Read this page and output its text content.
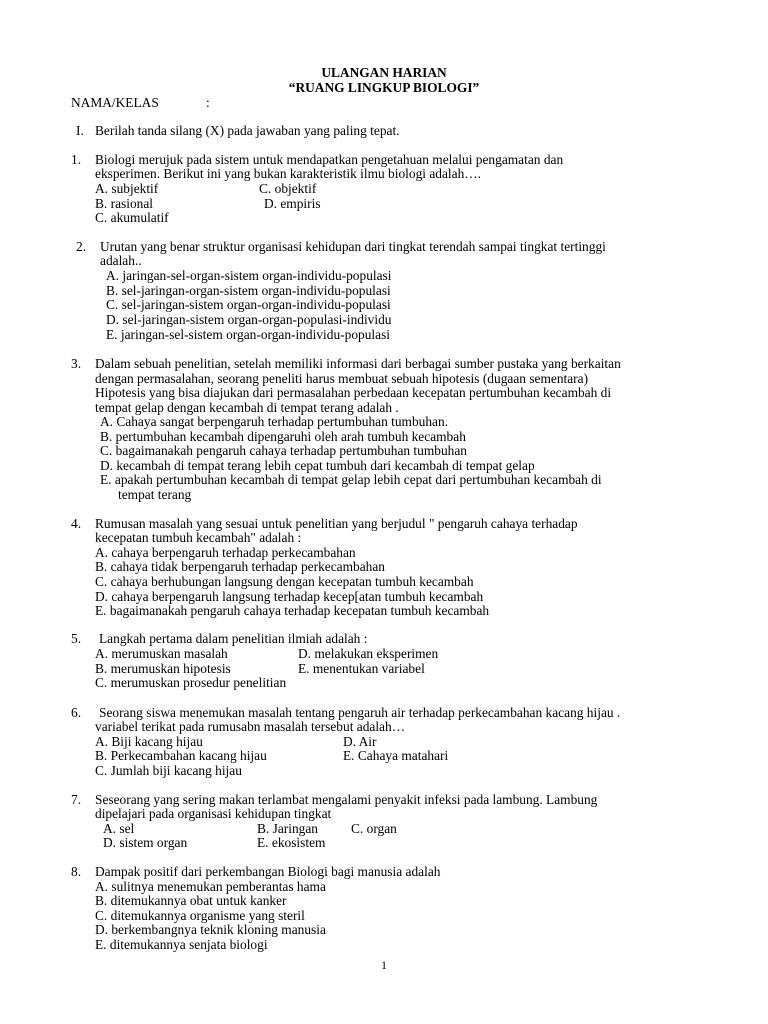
ULANGAN HARIAN
“RUANG LINGKUP BIOLOGI”
NAMA/KELAS	:
I. Berilah tanda silang (X) pada jawaban yang paling tepat.
1. Biologi merujuk pada sistem untuk mendapatkan pengetahuan melalui pengamatan dan
eksperimen. Berikut ini yang bukan karakteristik ilmu biologi adalah….
A. subjektif	C. objektif
B. rasional	D. empiris
C. akumulatif
2. Urutan yang benar struktur organisasi kehidupan dari tingkat terendah sampai tingkat tertinggi
adalah..
A. jaringan-sel-organ-sistem organ-individu-populasi
B. sel-jaringan-organ-sistem organ-individu-populasi
C. sel-jaringan-sistem organ-organ-individu-populasi
D. sel-jaringan-sistem organ-organ-populasi-individu
E. jaringan-sel-sistem organ-organ-individu-populasi
3. Dalam sebuah penelitian, setelah memiliki informasi dari berbagai sumber pustaka yang berkaitan
dengan permasalahan, seorang peneliti harus membuat sebuah hipotesis (dugaan sementara)
Hipotesis yang bisa diajukan dari permasalahan perbedaan kecepatan pertumbuhan kecambah di
tempat gelap dengan kecambah di tempat terang adalah .
A. Cahaya sangat berpengaruh terhadap pertumbuhan tumbuhan.
B. pertumbuhan kecambah dipengaruhi oleh arah tumbuh kecambah
C. bagaimanakah pengaruh cahaya terhadap pertumbuhan tumbuhan
D. kecambah di tempat terang lebih cepat tumbuh dari kecambah di tempat gelap
E. apakah pertumbuhan kecambah di tempat gelap lebih cepat dari pertumbuhan kecambah di
tempat terang
4. Rumusan masalah yang sesuai untuk penelitian yang berjudul " pengaruh cahaya terhadap
kecepatan tumbuh kecambah" adalah :
A. cahaya berpengaruh terhadap perkecambahan
B. cahaya tidak berpengaruh terhadap perkecambahan
C. cahaya berhubungan langsung dengan kecepatan tumbuh kecambah
D. cahaya berpengaruh langsung terhadap kecep[atan tumbuh kecambah
E. bagaimanakah pengaruh cahaya terhadap kecepatan tumbuh kecambah
5. Langkah pertama dalam penelitian ilmiah adalah :
A. merumuskan masalah	D. melakukan eksperimen
B. merumuskan hipotesis	E. menentukan variabel
C. merumuskan prosedur penelitian
6. Seorang siswa menemukan masalah tentang pengaruh air terhadap perkecambahan kacang hijau .
variabel terikat pada rumusabn masalah tersebut adalah…
A. Biji kacang hijau	D. Air
B. Perkecambahan kacang hijau	E. Cahaya matahari
C. Jumlah biji kacang hijau
7. Seseorang yang sering makan terlambat mengalami penyakit infeksi pada lambung. Lambung
dipelajari pada organisasi kehidupan tingkat
A. sel	B. Jaringan C. organ
D. sistem organ	E. ekosistem
8. Dampak positif dari perkembangan Biologi bagi manusia adalah
A. sulitnya menemukan pemberantas hama
B. ditemukannya obat untuk kanker
C. ditemukannya organisme yang steril
D. berkembangnya teknik kloning manusia
E. ditemukannya senjata biologi
1
